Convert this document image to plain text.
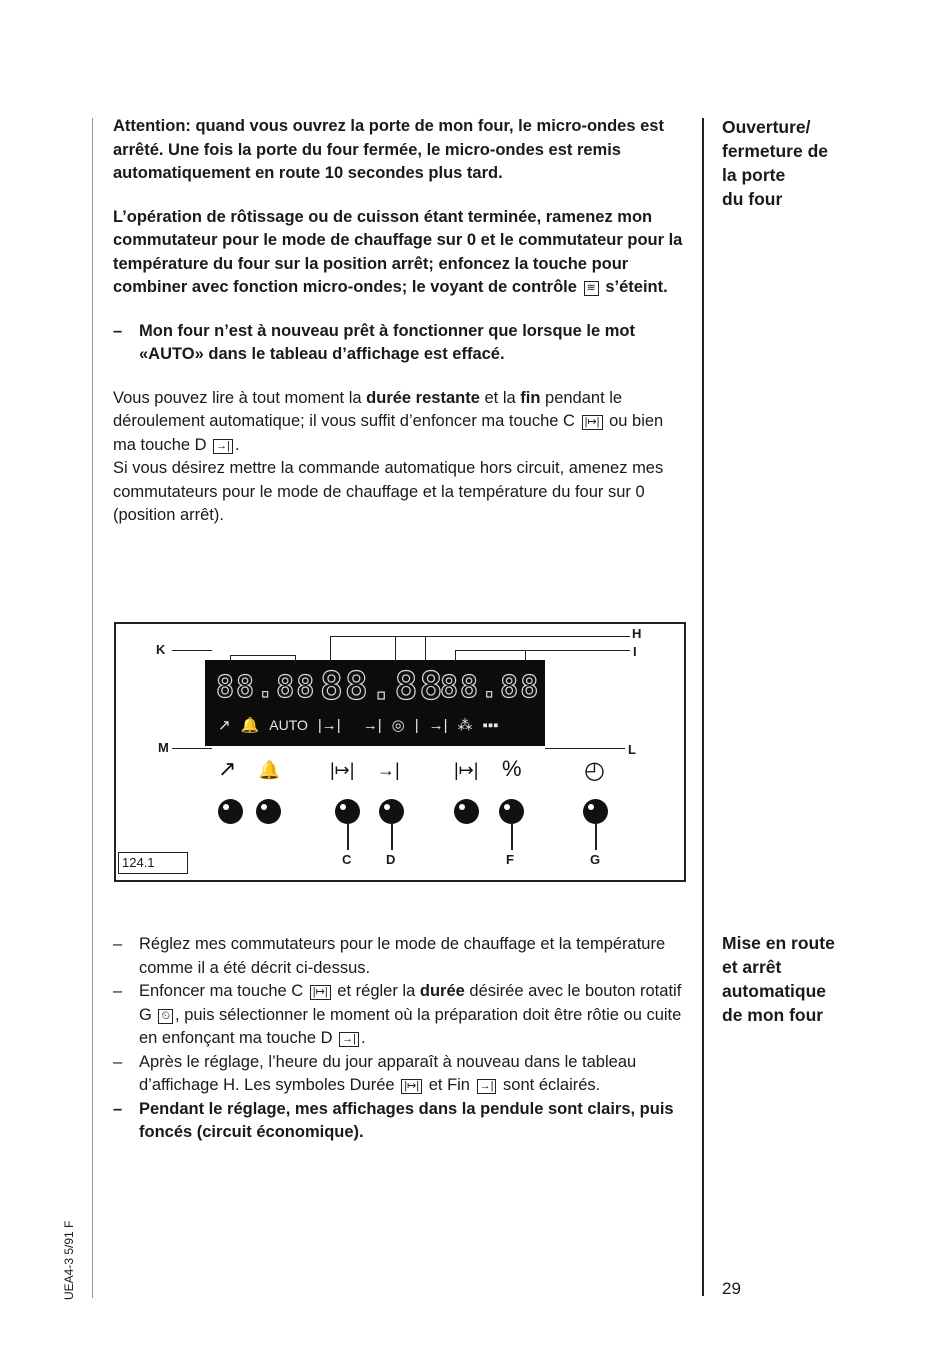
Attention: quand vous ouvrez la porte de mon four, le micro-ondes est arrêté. Une fois la porte du four fermée, le micro-ondes est remis automatiquement en route 10 secondes plus tard.

L’opération de rôtissage ou de cuisson étant terminée, ramenez mon commutateur pour le mode de chauffage sur 0 et le commutateur pour la température du four sur la position arrêt; enfoncez la touche pour combiner avec fonction micro-ondes; le voyant de contrôle ≋ s’éteint.

– Mon four n’est à nouveau prêt à fonctionner que lorsque le mot «AUTO» dans le tableau d’affichage est effacé.

Vous pouvez lire à tout moment la durée restante et la fin pendant le déroulement automatique; il vous suffit d’enfoncer ma touche C |↦| ou bien ma touche D →| .

Si vous désirez mettre la commande automatique hors circuit, amenez mes commutateurs pour le mode de chauffage et la température du four sur 0 (position arrêt).

88.88 88.88
88.88
↗ 🔔 AUTO |→| →| ◎ | →| ⁂ ▪▪▪
K
M
H
I
L
↗ 🔔	|↦| →|	|↦| %	◴
C	D	F	G
124.1
– Réglez mes commutateurs pour le mode de chauffage et la température comme il a été décrit ci-dessus.
– Enfoncer ma touche C |↦| et régler la durée désirée avec le bouton rotatif G ⏲ , puis sélectionner le moment où la préparation doit être rôtie ou cuite en enfonçant ma touche D →| .
– Après le réglage, l’heure du jour apparaît à nouveau dans le tableau d’affichage H. Les symboles Durée |↦| et Fin →| sont éclairés.
– Pendant le réglage, mes affichages dans la pendule sont clairs, puis foncés (circuit économique).
Ouverture/
fermeture de
la porte
du four
Mise en route
et arrêt
automatique
de mon four
29
UEA4-3 5/91 F
